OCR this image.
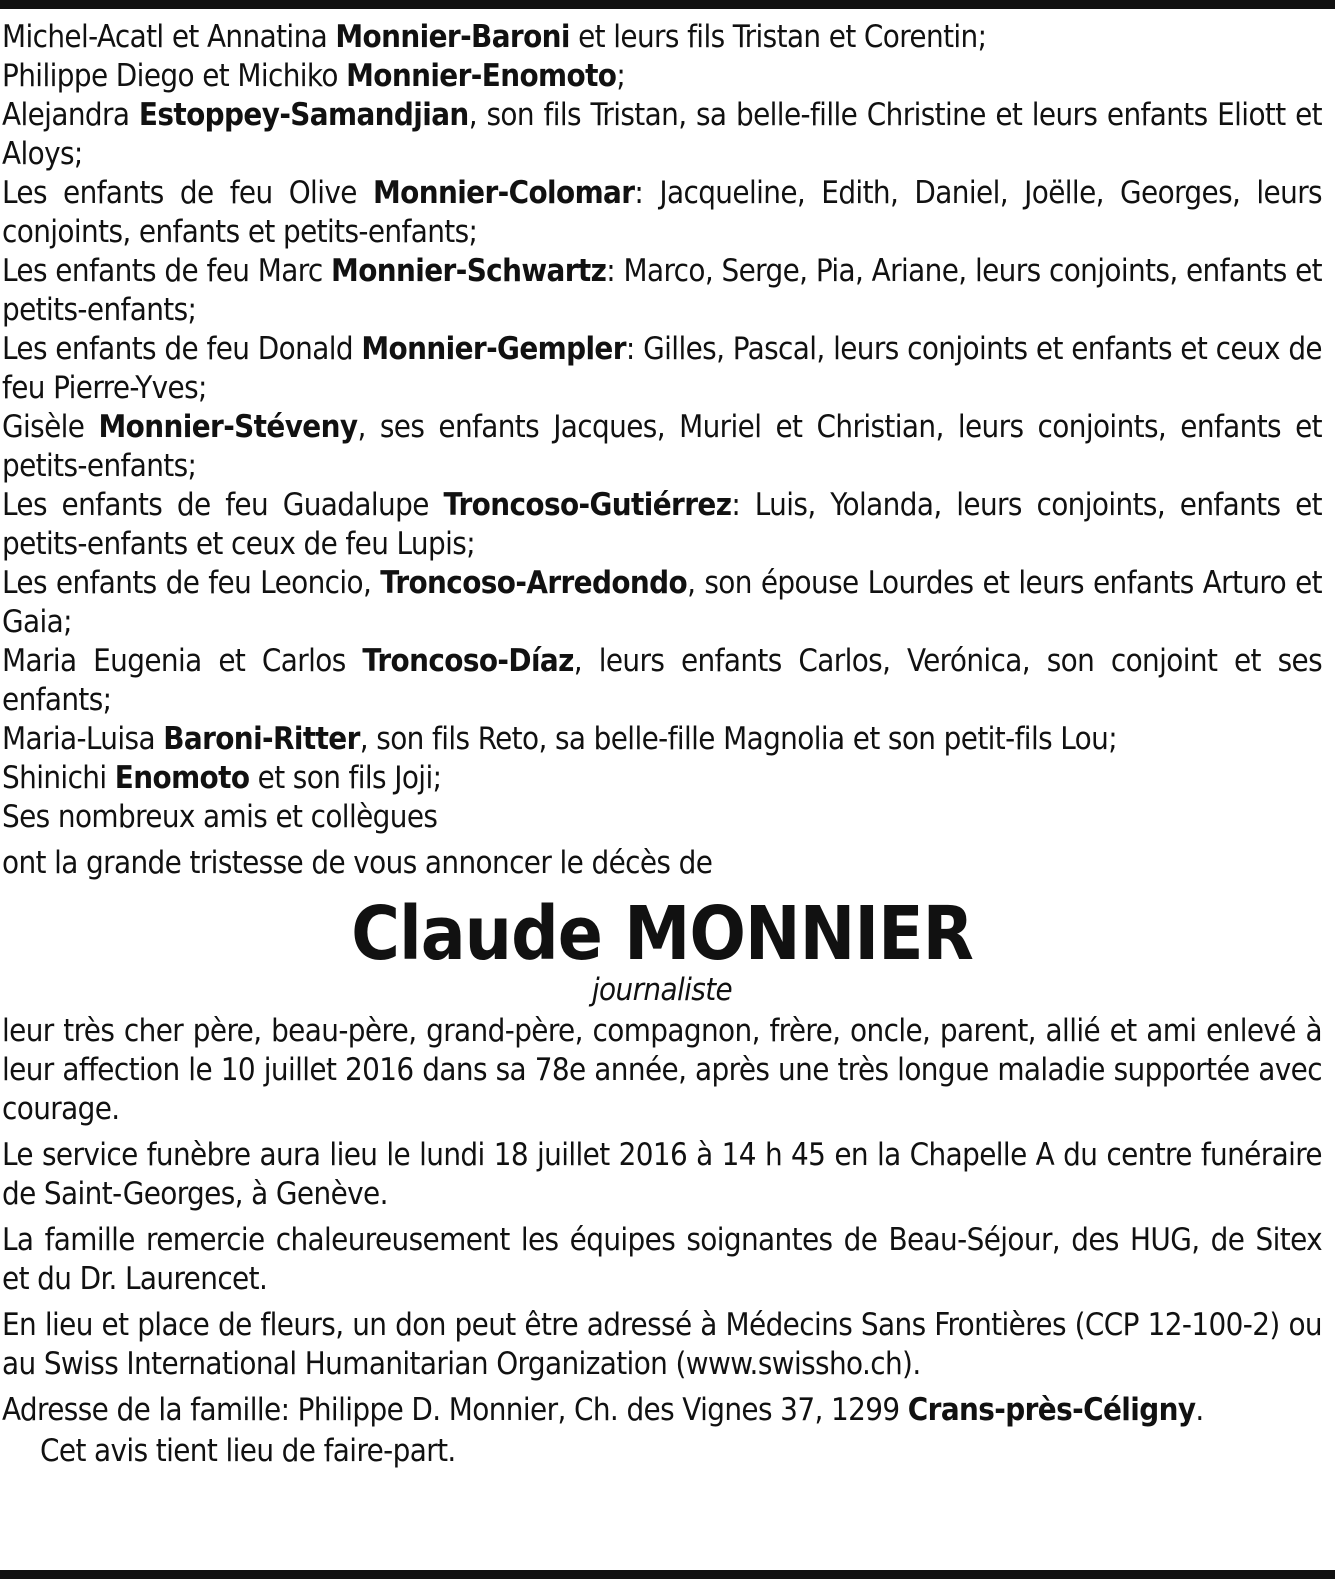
Michel-Acatl et Annatina Monnier-Baroni et leurs fils Tristan et Corentin;
Philippe Diego et Michiko Monnier-Enomoto;
Alejandra Estoppey-Samandjian, son fils Tristan, sa belle-fille Christine et leurs enfants Eliott et Aloys;
Les enfants de feu Olive Monnier-Colomar: Jacqueline, Edith, Daniel, Joëlle, Georges, leurs conjoints, enfants et petits-enfants;
Les enfants de feu Marc Monnier-Schwartz: Marco, Serge, Pia, Ariane, leurs conjoints, enfants et petits-enfants;
Les enfants de feu Donald Monnier-Gempler: Gilles, Pascal, leurs conjoints et enfants et ceux de feu Pierre-Yves;
Gisèle Monnier-Stéveny, ses enfants Jacques, Muriel et Christian, leurs conjoints, enfants et petits-enfants;
Les enfants de feu Guadalupe Troncoso-Gutiérrez: Luis, Yolanda, leurs conjoints, enfants et petits-enfants et ceux de feu Lupis;
Les enfants de feu Leoncio, Troncoso-Arredondo, son épouse Lourdes et leurs enfants Arturo et Gaia;
Maria Eugenia et Carlos Troncoso-Díaz, leurs enfants Carlos, Verónica, son conjoint et ses enfants;
Maria-Luisa Baroni-Ritter, son fils Reto, sa belle-fille Magnolia et son petit-fils Lou;
Shinichi Enomoto et son fils Joji;
Ses nombreux amis et collègues
ont la grande tristesse de vous annoncer le décès de
Claude MONNIER
journaliste
leur très cher père, beau-père, grand-père, compagnon, frère, oncle, parent, allié et ami enlevé à leur affection le 10 juillet 2016 dans sa 78e année, après une très longue maladie supportée avec courage.
Le service funèbre aura lieu le lundi 18 juillet 2016 à 14 h 45 en la Chapelle A du centre funéraire de Saint-Georges, à Genève.
La famille remercie chaleureusement les équipes soignantes de Beau-Séjour, des HUG, de Sitex et du Dr. Laurencet.
En lieu et place de fleurs, un don peut être adressé à Médecins Sans Frontières (CCP 12-100-2) ou au Swiss International Humanitarian Organization (www.swissho.ch).
Adresse de la famille: Philippe D. Monnier, Ch. des Vignes 37, 1299 Crans-près-Céligny.
Cet avis tient lieu de faire-part.
